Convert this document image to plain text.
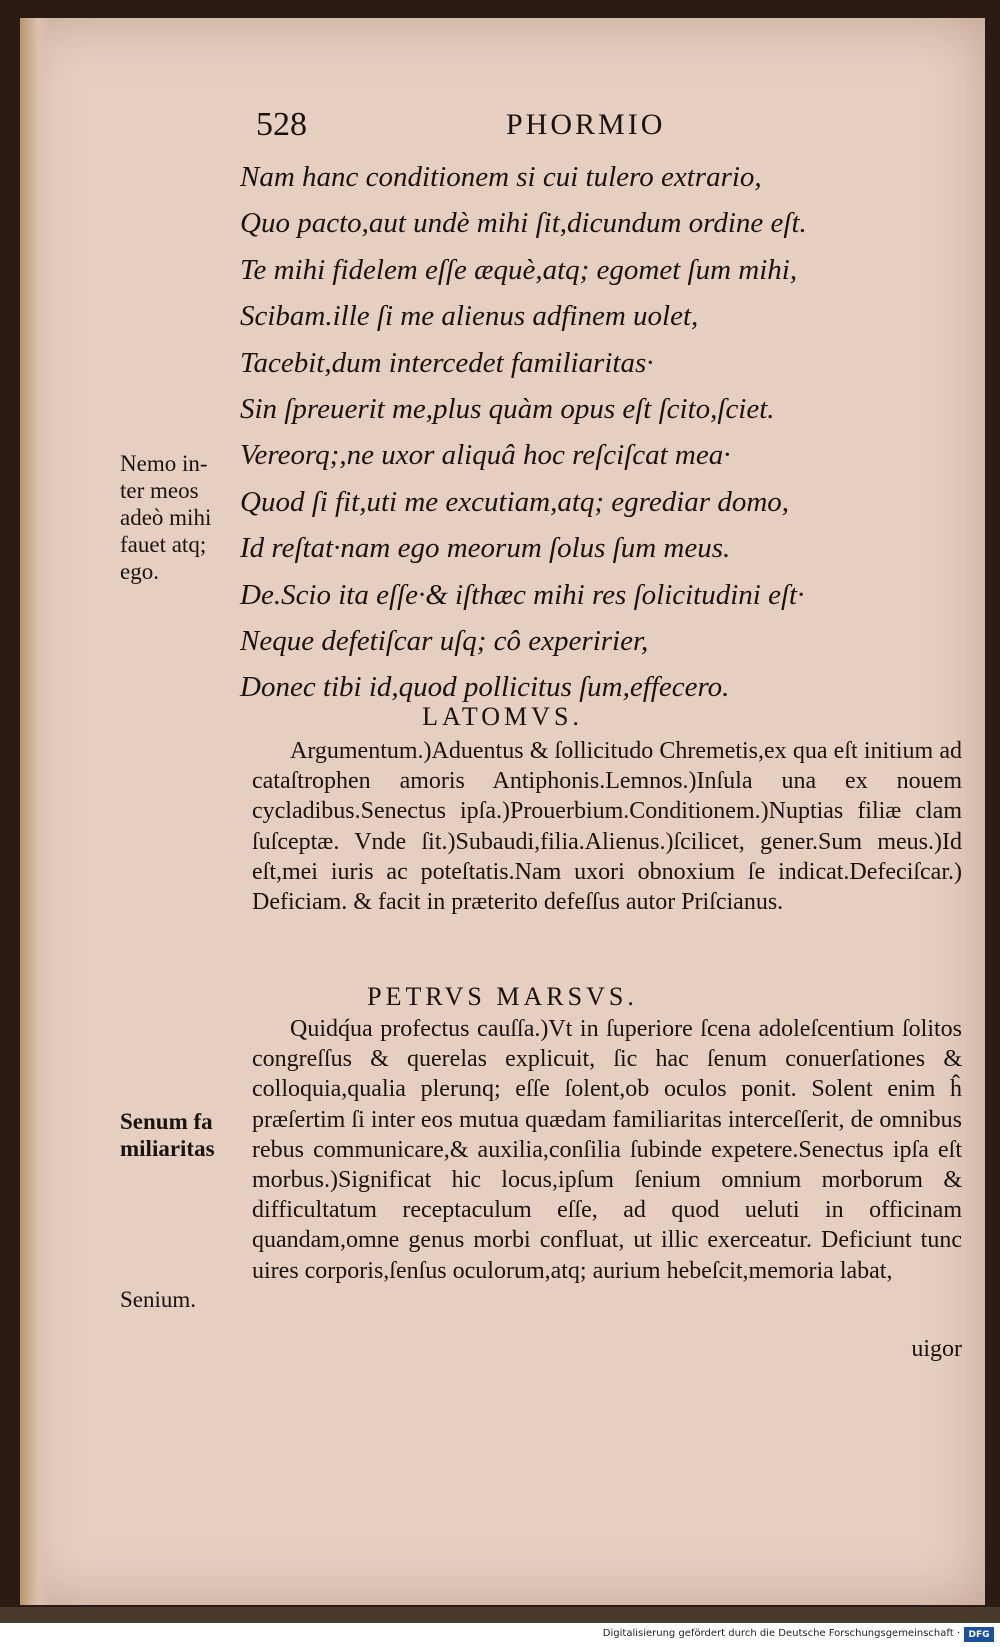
528	PHORMIO
Nam hanc conditionem si cui tulero extrario,
Quo pacto,aut undè mihi ſit,dicundum ordine eſt.
Te mihi fidelem eſſe æquè,atq; egomet ſum mihi,
Scibam.ille ſi me alienus adfinem uolet,
Tacebit,dum intercedet familiaritas·
Sin ſpreuerit me,plus quàm opus eſt ſcito,ſciet.
Vereorq;,ne uxor aliquâ hoc reſciſcat mea·
Quod ſi fit,uti me excutiam,atq; egrediar domo,
Id reſtat·nam ego meorum ſolus ſum meus.
De.Scio ita eſſe·& iſthæc mihi res ſolicitudini eſt·
Neque defetiſcar uſq; cô experirier,
Donec tibi id,quod pollicitus ſum,effecero.
Nemo in-
ter meos
adeò mihi
fauet atq;
ego.
LATOMVS.

Argumentum.)Aduentus & ſollicitudo Chremetis,ex qua eſt initium ad cataſtrophen amoris Antiphonis.Lemnos.)Inſula una ex nouem cycladibus.Senectus ipſa.)Prouerbium.Conditionem.)Nuptias filiæ clam ſuſceptæ. Vnde ſit.)Subaudi,filia.Alienus.)ſcilicet, gener.Sum meus.)Id eſt,mei iuris ac poteſtatis.Nam uxori obnoxium ſe indicat.Defeciſcar.) Deficiam. & facit in præterito defeſſus autor Priſcianus.

PETRVS MARSVS.

Quidq́ua profectus cauſſa.)Vt in ſuperiore ſcena adoleſcentium ſolitos congreſſus & querelas explicuit, ſic hac ſenum conuerſationes & colloquia,qualia plerunq; eſſe ſolent,ob oculos ponit. Solent enim ĥ præſertim ſi inter eos mutua quædam familiaritas interceſſerit, de omnibus rebus communicare,& auxilia,conſilia ſubinde expetere.Senectus ipſa eſt morbus.)Significat hic locus,ipſum ſenium omnium morborum & difficultatum receptaculum eſſe, ad quod ueluti in officinam quandam,omne genus morbi confluat, ut illic exerceatur. Deficiunt tunc uires corporis,ſenſus oculorum,atq; aurium hebeſcit,memoria labat,

uigor
Senum fa
miliaritas
Senium.
Digitalisierung gefördert durch die Deutsche Forschungsgemeinschaft · DFG
